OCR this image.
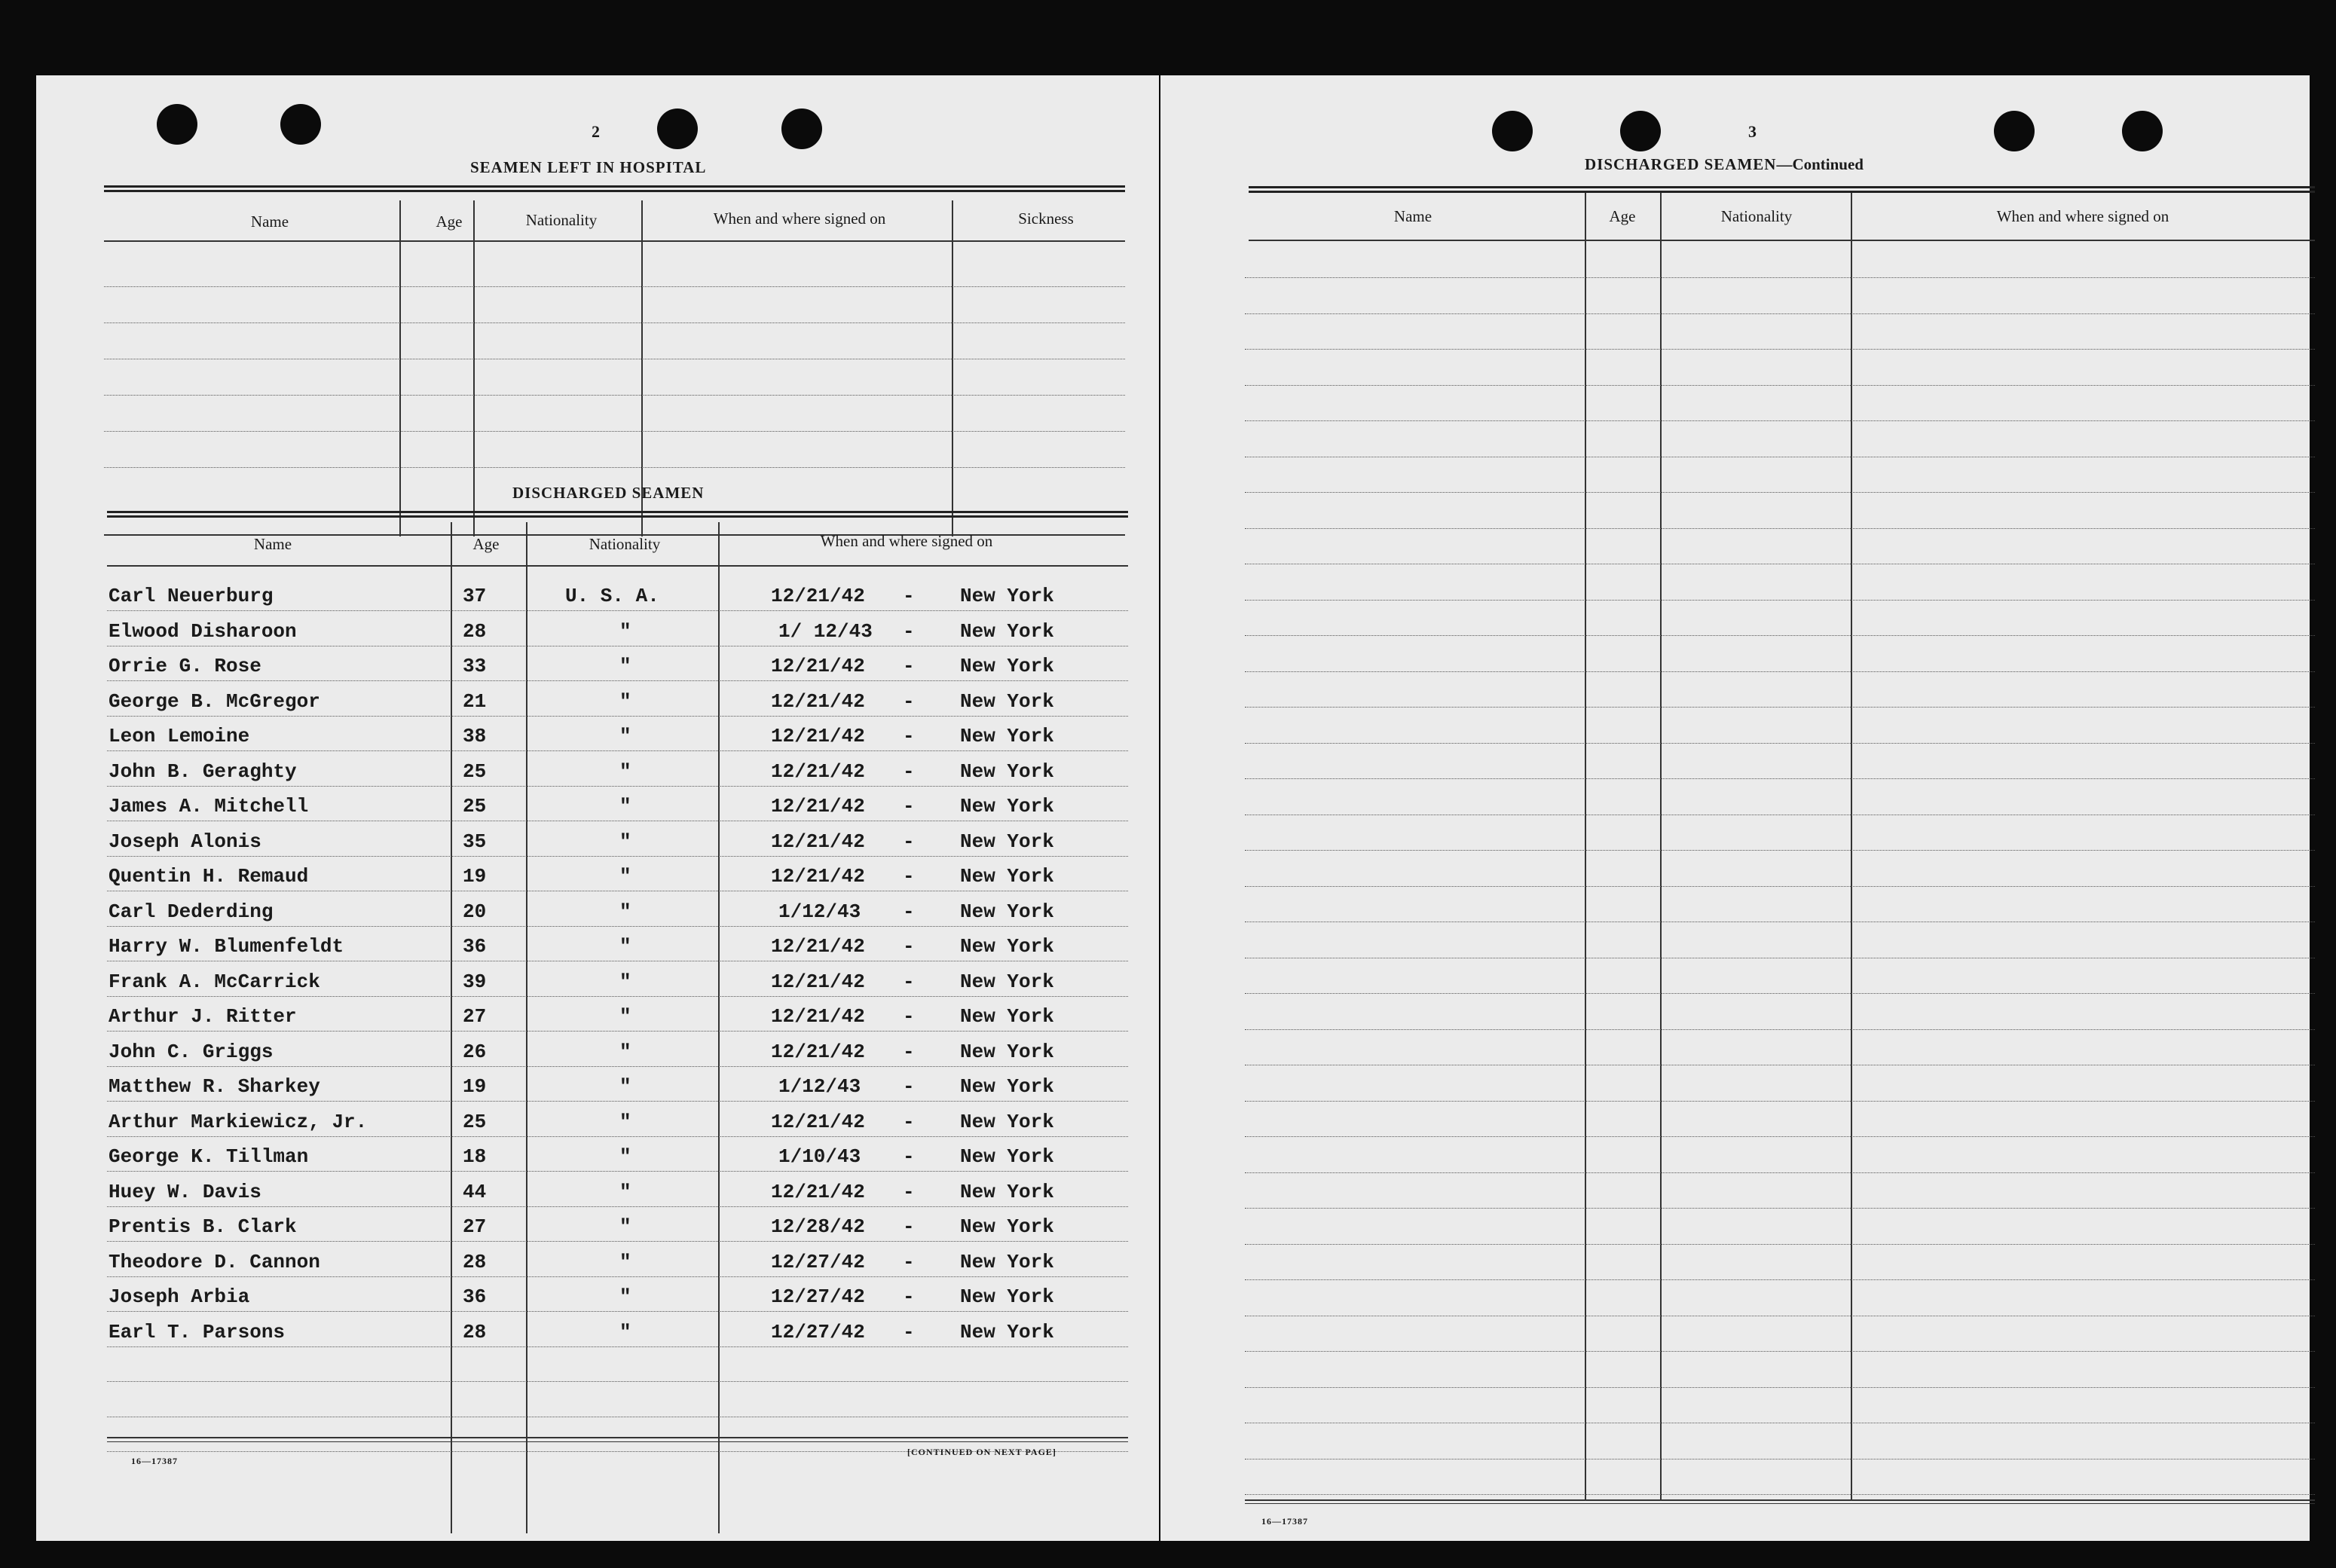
2
SEAMEN LEFT IN HOSPITAL
Name	Age	Nationality	When and where signed on	Sickness
DISCHARGED SEAMEN
Name	Age	Nationality	When and where signed on
Carl Neuerburg	37	U. S. A.	12/21/42 - New York
Elwood Disharoon	28	"	1/ 12/43 - New York
Orrie G. Rose	33	"	12/21/42 - New York
George B. McGregor	21	"	12/21/42 - New York
Leon Lemoine	38	"	12/21/42 - New York
John B. Geraghty	25	"	12/21/42 - New York
James A. Mitchell	25	"	12/21/42 - New York
Joseph Alonis	35	"	12/21/42 - New York
Quentin H. Remaud	19	"	12/21/42 - New York
Carl Dederding	20	"	1/12/43 - New York
Harry W. Blumenfeldt	36	"	12/21/42 - New York
Frank A. McCarrick	39	"	12/21/42 - New York
Arthur J. Ritter	27	"	12/21/42 - New York
John C. Griggs	26	"	12/21/42 - New York
Matthew R. Sharkey	19	"	1/12/43 - New York
Arthur Markiewicz, Jr.	25	"	12/21/42 - New York
George K. Tillman	18	"	1/10/43 - New York
Huey W. Davis	44	"	12/21/42 - New York
Prentis B. Clark	27	"	12/28/42 - New York
Theodore D. Cannon	28	"	12/27/42 - New York
Joseph Arbia	36	"	12/27/42 - New York
Earl T. Parsons	28	"	12/27/42 - New York
16—17387
[CONTINUED ON NEXT PAGE]
3
DISCHARGED SEAMEN—Continued
Name	Age	Nationality	When and where signed on
16—17387
